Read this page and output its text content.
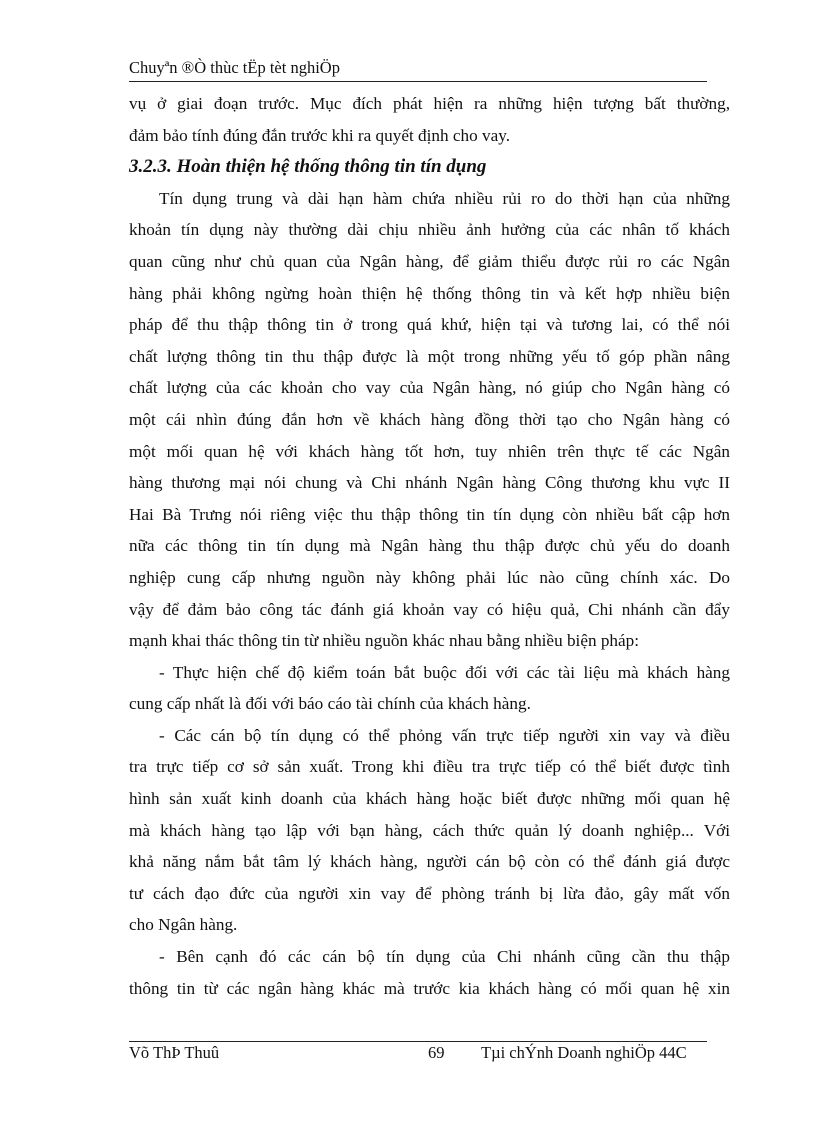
Chuyªn ®Ò thùc tËp tèt nghiÖp
vụ ở giai đoạn trước. Mục đích phát hiện ra những hiện tượng bất thường,
đảm bảo tính đúng đắn trước khi ra quyết định cho vay.
3.2.3. Hoàn thiện hệ thống thông tin tín dụng
Tín dụng trung và dài hạn hàm chứa nhiều rủi ro do thời hạn của những
khoản tín dụng này thường dài chịu nhiều ảnh hưởng của các nhân tố khách
quan cũng như chủ quan của Ngân hàng, để giảm thiểu được rủi ro các Ngân
hàng phải không ngừng hoàn thiện hệ thống thông tin và kết hợp nhiều biện
pháp để thu thập thông tin ở trong quá khứ, hiện tại và tương lai, có thể nói
chất lượng thông tin thu thập được là một trong những yếu tố góp phần nâng
chất lượng của các khoản cho vay của Ngân hàng, nó giúp cho Ngân hàng có
một cái nhìn đúng đắn hơn về khách hàng đồng thời tạo cho Ngân hàng có
một mối quan hệ với khách hàng tốt hơn, tuy nhiên trên thực tế các Ngân
hàng thương mại nói chung và Chi nhánh Ngân hàng Công thương khu vực II
Hai Bà Trưng nói riêng việc thu thập thông tin tín dụng còn nhiều bất cập hơn
nữa các thông tin tín dụng mà Ngân hàng thu thập được chủ yếu do doanh
nghiệp cung cấp nhưng nguồn này không phải lúc nào cũng chính xác. Do
vậy để đảm bảo công tác đánh giá khoản vay có hiệu quả, Chi nhánh cần đẩy
mạnh khai thác thông tin từ nhiều nguồn khác nhau bằng nhiều biện pháp:
- Thực hiện chế độ kiểm toán bắt buộc đối với các tài liệu mà khách hàng
cung cấp nhất là đối với báo cáo tài chính của khách hàng.
- Các cán bộ tín dụng có thể phỏng vấn trực tiếp người xin vay và điều
tra trực tiếp cơ sở sản xuất. Trong khi điều tra trực tiếp có thể biết được tình
hình sản xuất kinh doanh của khách hàng hoặc biết được những mối quan hệ
mà khách hàng tạo lập với bạn hàng, cách thức quản lý doanh nghiệp... Với
khả năng nắm bắt tâm lý khách hàng, người cán bộ còn có thể đánh giá được
tư cách đạo đức của người xin vay để phòng tránh bị lừa đảo, gây mất vốn
cho Ngân hàng.
- Bên cạnh đó các cán bộ tín dụng của Chi nhánh cũng cần thu thập
thông tin từ các ngân hàng khác mà trước kia khách hàng có mối quan hệ xin
Võ ThÞ Thuû	69 Tµi chÝnh Doanh nghiÖp 44C
